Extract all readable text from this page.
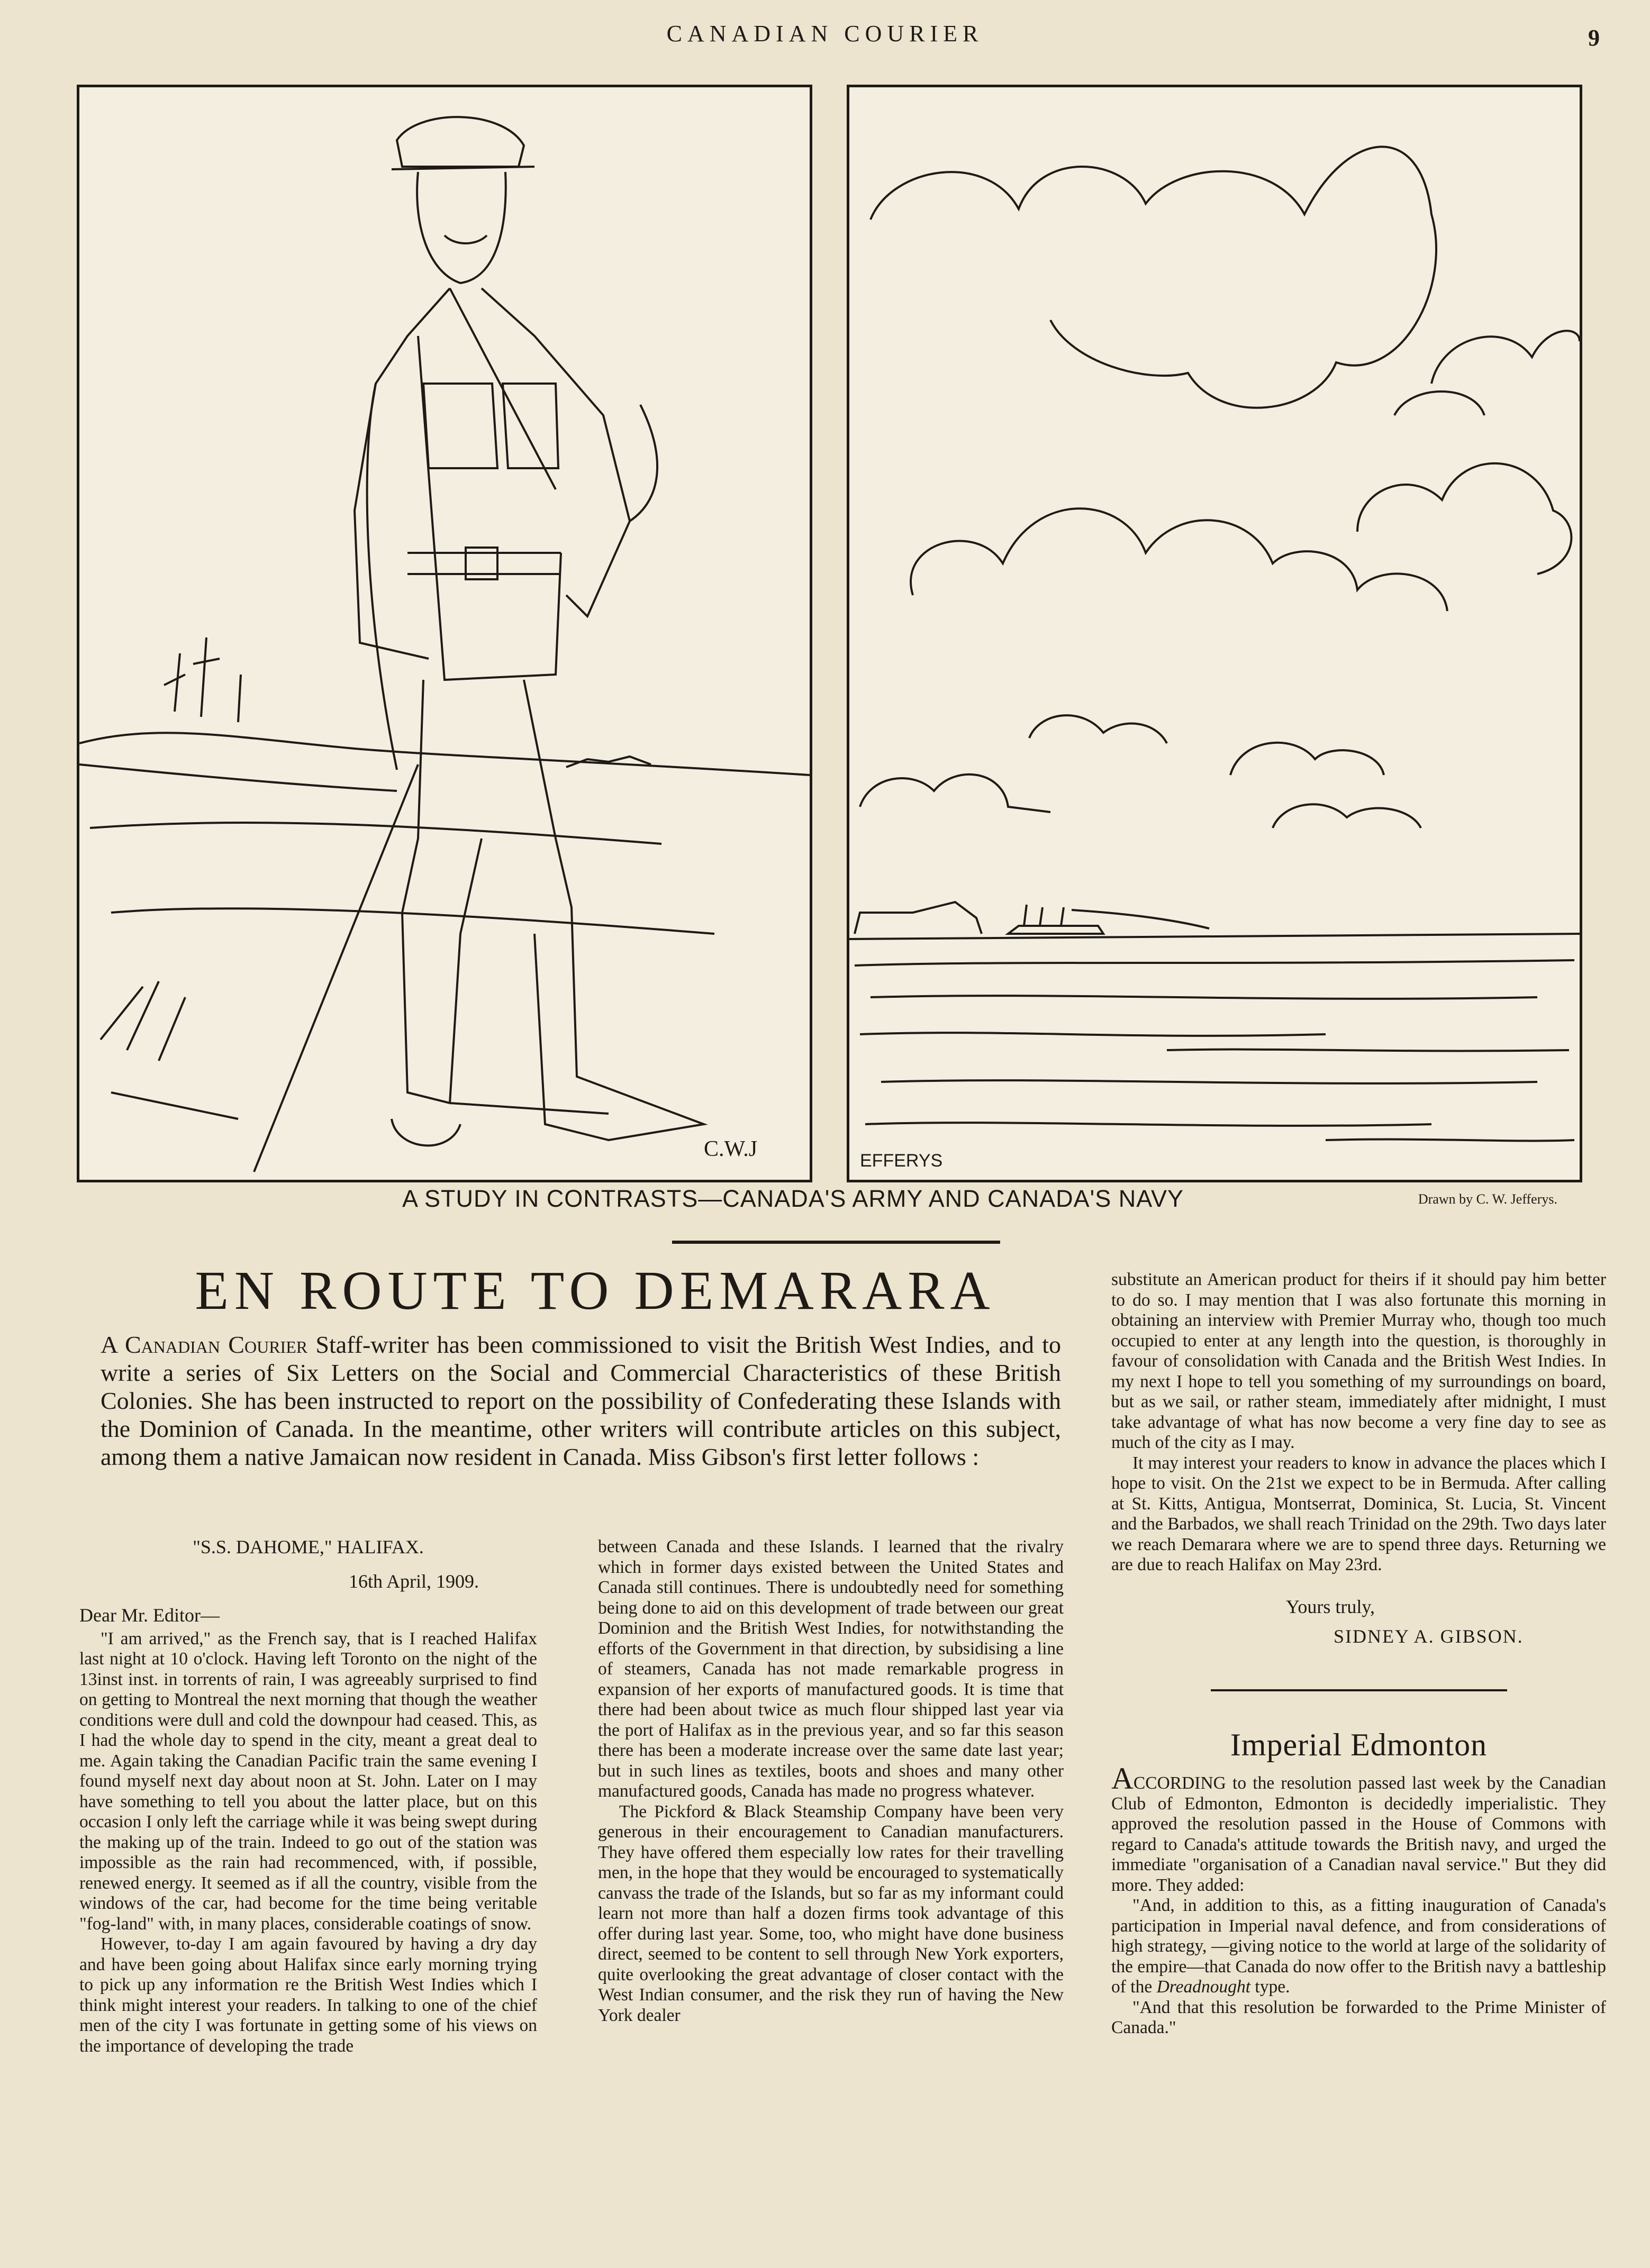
CANADIAN COURIER	9
C.W.J	EFFERYS
A STUDY IN CONTRASTS—CANADA'S ARMY AND CANADA'S NAVY	Drawn by C. W. Jefferys.
EN ROUTE TO DEMARARA
A Canadian Courier Staff-writer has been commissioned to visit the British West Indies, and to write a series of Six Letters on the Social and Commercial Characteristics of these British Colonies. She has been instructed to report on the possibility of Confederating these Islands with the Dominion of Canada. In the meantime, other writers will contribute articles on this subject, among them a native Jamaican now resident in Canada. Miss Gibson's first letter follows :
"S.S. DAHOME," HALIFAX.
16th April, 1909.
Dear Mr. Editor—

"I am arrived," as the French say, that is I reached Halifax last night at 10 o'clock. Having left Toronto on the night of the 13inst inst. in torrents of rain, I was agreeably surprised to find on getting to Montreal the next morning that though the weather conditions were dull and cold the downpour had ceased. This, as I had the whole day to spend in the city, meant a great deal to me. Again taking the Canadian Pacific train the same evening I found myself next day about noon at St. John. Later on I may have something to tell you about the latter place, but on this occasion I only left the carriage while it was being swept during the making up of the train. Indeed to go out of the station was impossible as the rain had recommenced, with, if possible, renewed energy. It seemed as if all the country, visible from the windows of the car, had become for the time being veritable "fog-land" with, in many places, considerable coatings of snow.

However, to-day I am again favoured by having a dry day and have been going about Halifax since early morning trying to pick up any information re the British West Indies which I think might interest your readers. In talking to one of the chief men of the city I was fortunate in getting some of his views on the importance of developing the trade

between Canada and these Islands. I learned that the rivalry which in former days existed between the United States and Canada still continues. There is undoubtedly need for something being done to aid on this development of trade between our great Dominion and the British West Indies, for notwithstanding the efforts of the Government in that direction, by subsidising a line of steamers, Canada has not made remarkable progress in expansion of her exports of manufactured goods. It is time that there had been about twice as much flour shipped last year via the port of Halifax as in the previous year, and so far this season there has been a moderate increase over the same date last year; but in such lines as textiles, boots and shoes and many other manufactured goods, Canada has made no progress whatever.

The Pickford & Black Steamship Company have been very generous in their encouragement to Canadian manufacturers. They have offered them especially low rates for their travelling men, in the hope that they would be encouraged to systematically canvass the trade of the Islands, but so far as my informant could learn not more than half a dozen firms took advantage of this offer during last year. Some, too, who might have done business direct, seemed to be content to sell through New York exporters, quite overlooking the great advantage of closer contact with the West Indian consumer, and the risk they run of having the New York dealer

substitute an American product for theirs if it should pay him better to do so. I may mention that I was also fortunate this morning in obtaining an interview with Premier Murray who, though too much occupied to enter at any length into the question, is thoroughly in favour of consolidation with Canada and the British West Indies. In my next I hope to tell you something of my surroundings on board, but as we sail, or rather steam, immediately after midnight, I must take advantage of what has now become a very fine day to see as much of the city as I may.

It may interest your readers to know in advance the places which I hope to visit. On the 21st we expect to be in Bermuda. After calling at St. Kitts, Antigua, Montserrat, Dominica, St. Lucia, St. Vincent and the Barbados, we shall reach Trinidad on the 29th. Two days later we reach Demarara where we are to spend three days. Returning we are due to reach Halifax on May 23rd.

Yours truly,
SIDNEY A. GIBSON.
Imperial Edmonton

ACCORDING to the resolution passed last week by the Canadian Club of Edmonton, Edmonton is decidedly imperialistic. They approved the resolution passed in the House of Commons with regard to Canada's attitude towards the British navy, and urged the immediate "organisation of a Canadian naval service." But they did more. They added:

"And, in addition to this, as a fitting inauguration of Canada's participation in Imperial naval defence, and from considerations of high strategy, —giving notice to the world at large of the solidarity of the empire—that Canada do now offer to the British navy a battleship of the Dreadnought type.

"And that this resolution be forwarded to the Prime Minister of Canada."
